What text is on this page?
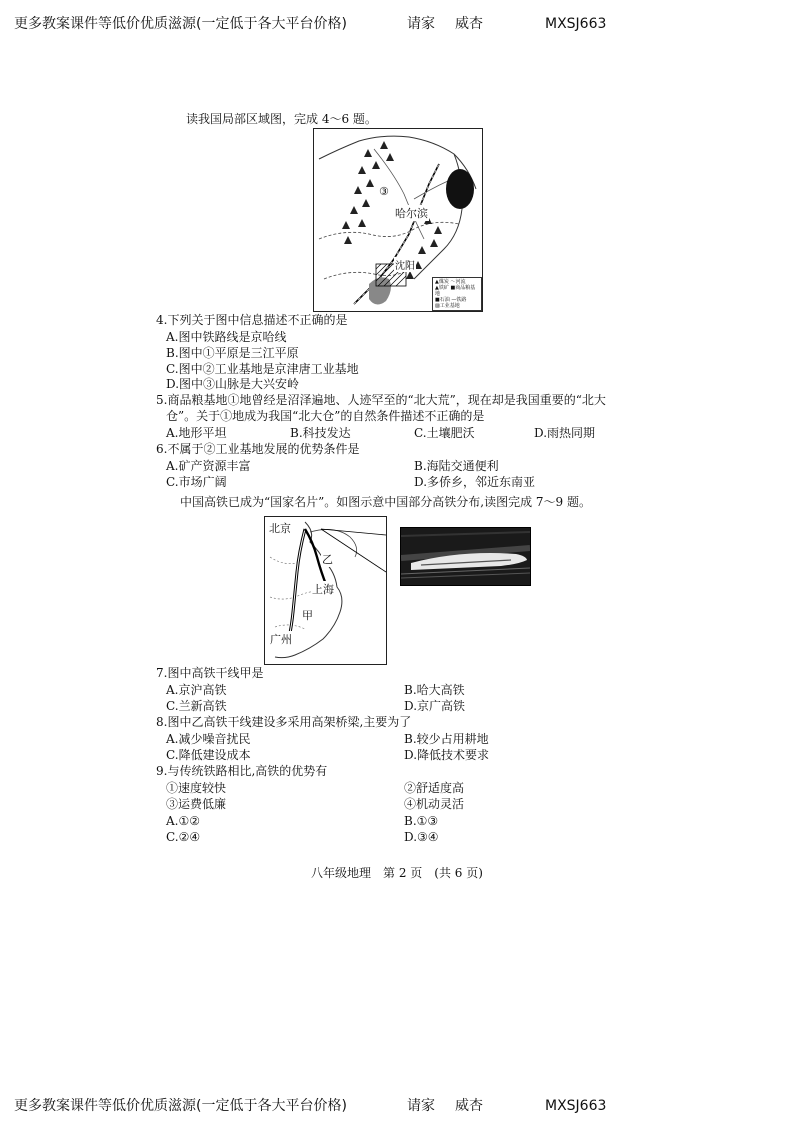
更多教案课件等低价优质滋源(一定低于各大平台价格)	请家 威杏	MXSJ663
读我国局部区域图，完成 4～6 题。
③
哈尔滨
沈阳
▲煤炭 ～河流
▲铁矿 ■商品粮基地
■石油 —铁路
▨工业基地
4.下列关于图中信息描述不正确的是
A.图中铁路线是京哈线
B.图中①平原是三江平原
C.图中②工业基地是京津唐工业基地
D.图中③山脉是大兴安岭
5.商品粮基地①地曾经是沼泽遍地、人迹罕至的“北大荒”，现在却是我国重要的“北大
仓”。关于①地成为我国“北大仓”的自然条件描述不正确的是
A.地形平坦	B.科技发达	C.土壤肥沃	D.雨热同期
6.不属于②工业基地发展的优势条件是
A.矿产资源丰富	B.海陆交通便利
C.市场广阔	D.多侨乡，邻近东南亚
中国高铁已成为“国家名片”。如图示意中国部分高铁分布,读图完成 7～9 题。
北京
乙
上海
甲
广州
7.图中高铁干线甲是
A.京沪高铁	B.哈大高铁
C.兰新高铁	D.京广高铁
8.图中乙高铁干线建设多采用高架桥梁,主要为了
A.减少噪音扰民	B.较少占用耕地
C.降低建设成本	D.降低技术要求
9.与传统铁路相比,高铁的优势有
①速度较快	②舒适度高
③运费低廉	④机动灵活
A.①②	B.①③
C.②④	D.③④
八年级地理　第 2 页　(共 6 页)
更多教案课件等低价优质滋源(一定低于各大平台价格)	请家 威杏	MXSJ663
